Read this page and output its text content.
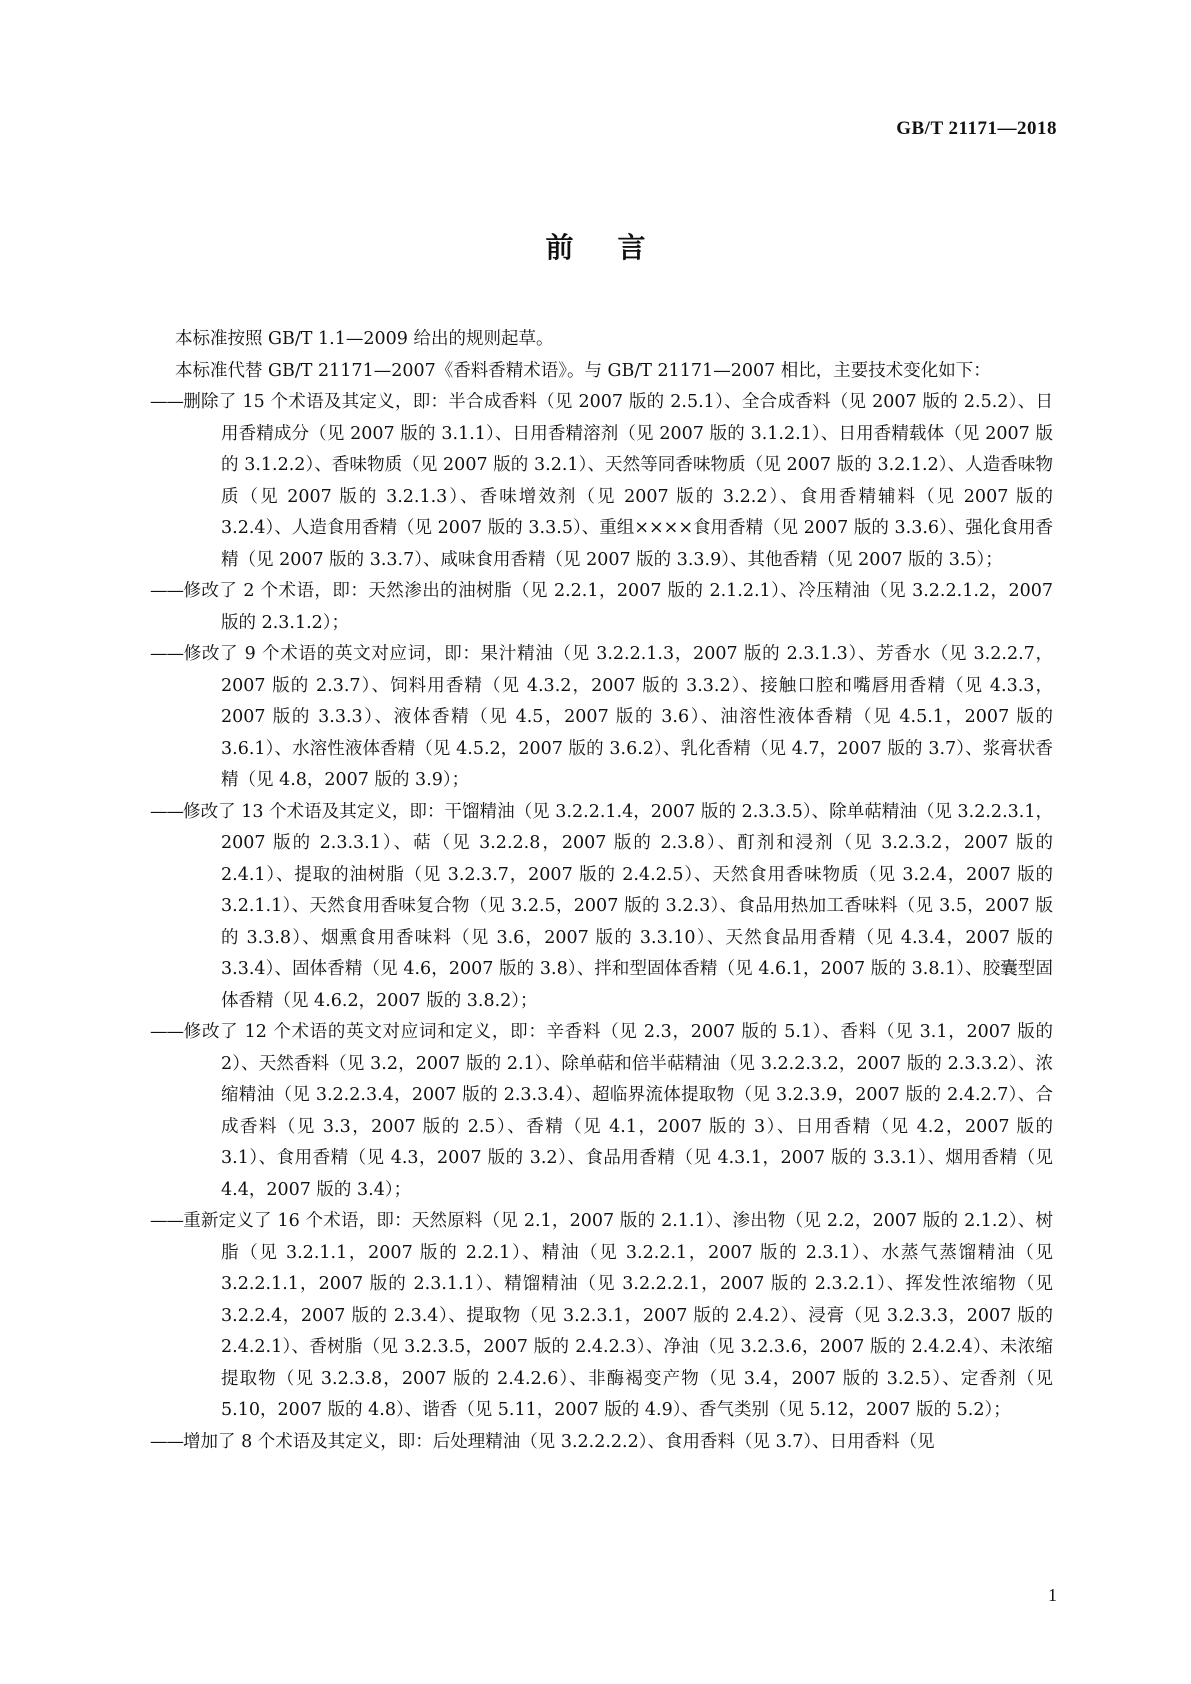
GB/T 21171—2018
前言

本标准按照 GB/T 1.1—2009 给出的规则起草。

本标准代替 GB/T 21171—2007《香料香精术语》。与 GB/T 21171—2007 相比，主要技术变化如下：

——删除了 15 个术语及其定义，即：半合成香料（见 2007 版的 2.5.1）、全合成香料（见 2007 版的 2.5.2）、日用香精成分（见 2007 版的 3.1.1）、日用香精溶剂（见 2007 版的 3.1.2.1）、日用香精载体（见 2007 版的 3.1.2.2）、香味物质（见 2007 版的 3.2.1）、天然等同香味物质（见 2007 版的 3.2.1.2）、人造香味物质（见 2007 版的 3.2.1.3）、香味增效剂（见 2007 版的 3.2.2）、食用香精辅料（见 2007 版的 3.2.4）、人造食用香精（见 2007 版的 3.3.5）、重组××××食用香精（见 2007 版的 3.3.6）、强化食用香精（见 2007 版的 3.3.7）、咸味食用香精（见 2007 版的 3.3.9）、其他香精（见 2007 版的 3.5）；

——修改了 2 个术语，即：天然渗出的油树脂（见 2.2.1，2007 版的 2.1.2.1）、冷压精油（见 3.2.2.1.2，2007 版的 2.3.1.2）；

——修改了 9 个术语的英文对应词，即：果汁精油（见 3.2.2.1.3，2007 版的 2.3.1.3）、芳香水（见 3.2.2.7，2007 版的 2.3.7）、饲料用香精（见 4.3.2，2007 版的 3.3.2）、接触口腔和嘴唇用香精（见 4.3.3，2007 版的 3.3.3）、液体香精（见 4.5，2007 版的 3.6）、油溶性液体香精（见 4.5.1，2007 版的 3.6.1）、水溶性液体香精（见 4.5.2，2007 版的 3.6.2）、乳化香精（见 4.7，2007 版的 3.7）、浆膏状香精（见 4.8，2007 版的 3.9）；

——修改了 13 个术语及其定义，即：干馏精油（见 3.2.2.1.4，2007 版的 2.3.3.5）、除单萜精油（见 3.2.2.3.1，2007 版的 2.3.3.1）、萜（见 3.2.2.8，2007 版的 2.3.8）、酊剂和浸剂（见 3.2.3.2，2007 版的 2.4.1）、提取的油树脂（见 3.2.3.7，2007 版的 2.4.2.5）、天然食用香味物质（见 3.2.4，2007 版的 3.2.1.1）、天然食用香味复合物（见 3.2.5，2007 版的 3.2.3）、食品用热加工香味料（见 3.5，2007 版的 3.3.8）、烟熏食用香味料（见 3.6，2007 版的 3.3.10）、天然食品用香精（见 4.3.4，2007 版的 3.3.4）、固体香精（见 4.6，2007 版的 3.8）、拌和型固体香精（见 4.6.1，2007 版的 3.8.1）、胶囊型固体香精（见 4.6.2，2007 版的 3.8.2）；

——修改了 12 个术语的英文对应词和定义，即：辛香料（见 2.3，2007 版的 5.1）、香料（见 3.1，2007 版的 2）、天然香料（见 3.2，2007 版的 2.1）、除单萜和倍半萜精油（见 3.2.2.3.2，2007 版的 2.3.3.2）、浓缩精油（见 3.2.2.3.4，2007 版的 2.3.3.4）、超临界流体提取物（见 3.2.3.9，2007 版的 2.4.2.7）、合成香料（见 3.3，2007 版的 2.5）、香精（见 4.1，2007 版的 3）、日用香精（见 4.2，2007 版的 3.1）、食用香精（见 4.3，2007 版的 3.2）、食品用香精（见 4.3.1，2007 版的 3.3.1）、烟用香精（见 4.4，2007 版的 3.4）；

——重新定义了 16 个术语，即：天然原料（见 2.1，2007 版的 2.1.1）、渗出物（见 2.2，2007 版的 2.1.2）、树脂（见 3.2.1.1，2007 版的 2.2.1）、精油（见 3.2.2.1，2007 版的 2.3.1）、水蒸气蒸馏精油（见 3.2.2.1.1，2007 版的 2.3.1.1）、精馏精油（见 3.2.2.2.1，2007 版的 2.3.2.1）、挥发性浓缩物（见 3.2.2.4，2007 版的 2.3.4）、提取物（见 3.2.3.1，2007 版的 2.4.2）、浸膏（见 3.2.3.3，2007 版的 2.4.2.1）、香树脂（见 3.2.3.5，2007 版的 2.4.2.3）、净油（见 3.2.3.6，2007 版的 2.4.2.4）、未浓缩提取物（见 3.2.3.8，2007 版的 2.4.2.6）、非酶褐变产物（见 3.4，2007 版的 3.2.5）、定香剂（见 5.10，2007 版的 4.8）、谐香（见 5.11，2007 版的 4.9）、香气类别（见 5.12，2007 版的 5.2）；

——增加了 8 个术语及其定义，即：后处理精油（见 3.2.2.2.2）、食用香料（见 3.7）、日用香料（见

1
